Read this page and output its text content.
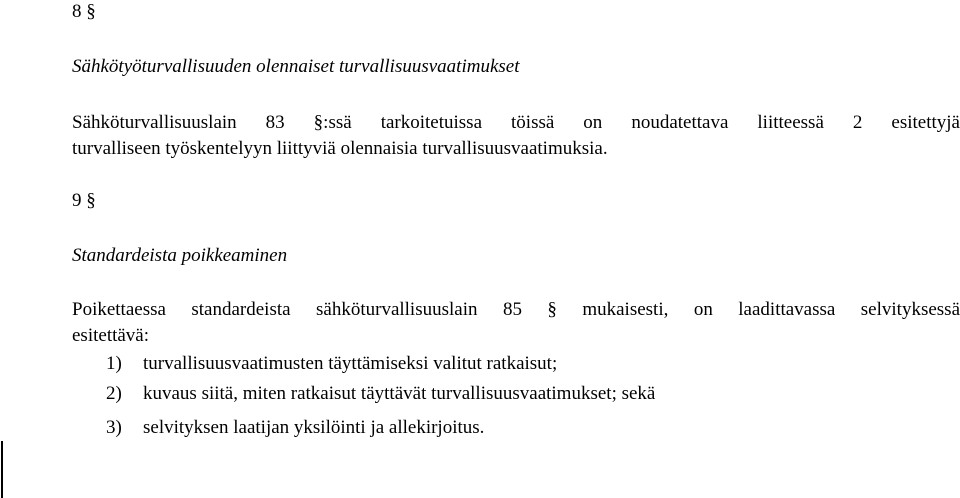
8 §
Sähkötyöturvallisuuden olennaiset turvallisuusvaatimukset
Sähköturvallisuuslain 83 §:ssä tarkoitetuissa töissä on noudatettava liitteessä 2 esitettyjä
turvalliseen työskentelyyn liittyviä olennaisia turvallisuusvaatimuksia.
9 §
Standardeista poikkeaminen
Poikettaessa standardeista sähköturvallisuuslain 85 § mukaisesti, on laadittavassa selvityksessä
esitettävä:
1) turvallisuusvaatimusten täyttämiseksi valitut ratkaisut;
2) kuvaus siitä, miten ratkaisut täyttävät turvallisuusvaatimukset; sekä
3) selvityksen laatijan yksilöinti ja allekirjoitus.
